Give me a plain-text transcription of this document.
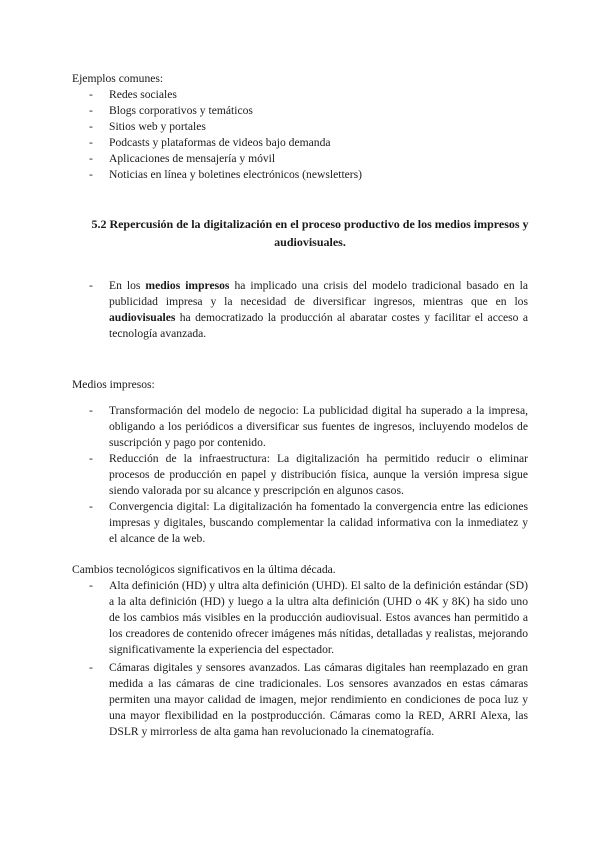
Ejemplos comunes:
- Redes sociales
- Blogs corporativos y temáticos
- Sitios web y portales
- Podcasts y plataformas de videos bajo demanda
- Aplicaciones de mensajería y móvil
- Noticias en línea y boletines electrónicos (newsletters)
5.2 Repercusión de la digitalización en el proceso productivo de los medios impresos y audiovisuales.
- En los medios impresos ha implicado una crisis del modelo tradicional basado en la publicidad impresa y la necesidad de diversificar ingresos, mientras que en los audiovisuales ha democratizado la producción al abaratar costes y facilitar el acceso a tecnología avanzada.
Medios impresos:
- Transformación del modelo de negocio: La publicidad digital ha superado a la impresa, obligando a los periódicos a diversificar sus fuentes de ingresos, incluyendo modelos de suscripción y pago por contenido.
- Reducción de la infraestructura: La digitalización ha permitido reducir o eliminar procesos de producción en papel y distribución física, aunque la versión impresa sigue siendo valorada por su alcance y prescripción en algunos casos.
- Convergencia digital: La digitalización ha fomentado la convergencia entre las ediciones impresas y digitales, buscando complementar la calidad informativa con la inmediatez y el alcance de la web.
Cambios tecnológicos significativos en la última década.
- Alta definición (HD) y ultra alta definición (UHD). El salto de la definición estándar (SD) a la alta definición (HD) y luego a la ultra alta definición (UHD o 4K y 8K) ha sido uno de los cambios más visibles en la producción audiovisual. Estos avances han permitido a los creadores de contenido ofrecer imágenes más nítidas, detalladas y realistas, mejorando significativamente la experiencia del espectador.
- Cámaras digitales y sensores avanzados. Las cámaras digitales han reemplazado en gran medida a las cámaras de cine tradicionales. Los sensores avanzados en estas cámaras permiten una mayor calidad de imagen, mejor rendimiento en condiciones de poca luz y una mayor flexibilidad en la postproducción. Cámaras como la RED, ARRI Alexa, las DSLR y mirrorless de alta gama han revolucionado la cinematografía.
